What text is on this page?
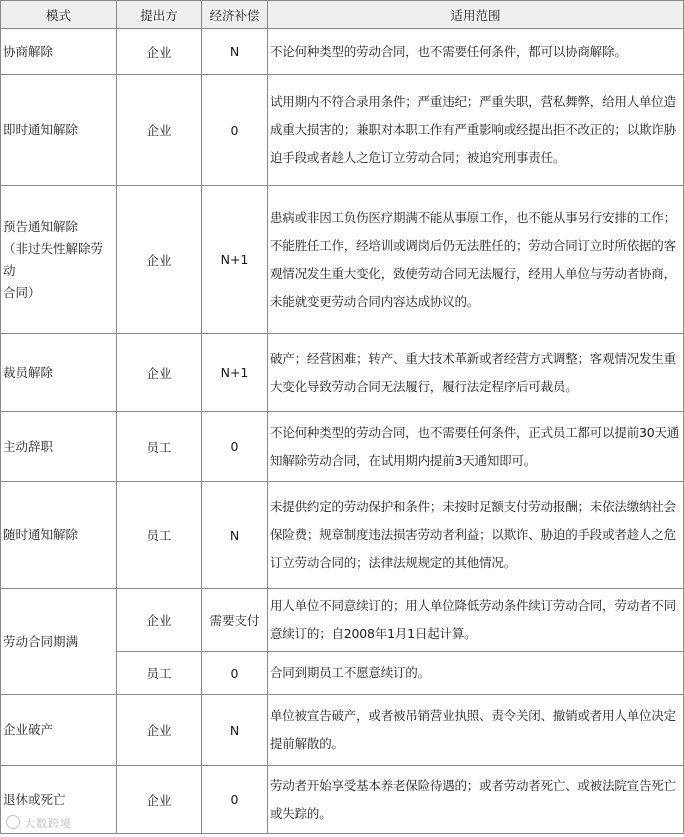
模式	提出方	经济补偿	适用范围

协商解除	企业	N	不论何种类型的劳动合同，也不需要任何条件，都可以协商解除。

即时通知解除	企业	0	试用期内不符合录用条件；严重违纪；严重失职，营私舞弊，给用人单位造成重大损害的；兼职对本职工作有严重影响或经提出拒不改正的；以欺诈胁迫手段或者趁人之危订立劳动合同；被追究刑事责任。

预告通知解除
（非过失性解除劳动
合同）	企业	N+1	患病或非因工负伤医疗期满不能从事原工作，也不能从事另行安排的工作；不能胜任工作，经培训或调岗后仍无法胜任的；劳动合同订立时所依据的客观情况发生重大变化，致使劳动合同无法履行，经用人单位与劳动者协商，未能就变更劳动合同内容达成协议的。

裁员解除	企业	N+1	破产；经营困难；转产、重大技术革新或者经营方式调整；客观情况发生重大变化导致劳动合同无法履行，履行法定程序后可裁员。

主动辞职	员工	0	不论何种类型的劳动合同，也不需要任何条件，正式员工都可以提前30天通知解除劳动合同，在试用期内提前3天通知即可。

随时通知解除	员工	N	未提供约定的劳动保护和条件；未按时足额支付劳动报酬；未依法缴纳社会保险费；规章制度违法损害劳动者利益；以欺诈、胁迫的手段或者趁人之危订立劳动合同的；法律法规规定的其他情况。

劳动合同期满	企业	需要支付	用人单位不同意续订的；用人单位降低劳动条件续订劳动合同，劳动者不同意续订的；自2008年1月1日起计算。
	员工	0	合同到期员工不愿意续订的。

企业破产	企业	N	单位被宣告破产，或者被吊销营业执照、责令关闭、撤销或者用人单位决定提前解散的。

退休或死亡	企业	0	劳动者开始享受基本养老保险待遇的；或者劳动者死亡、或被法院宣告死亡或失踪的。
大数跨境
